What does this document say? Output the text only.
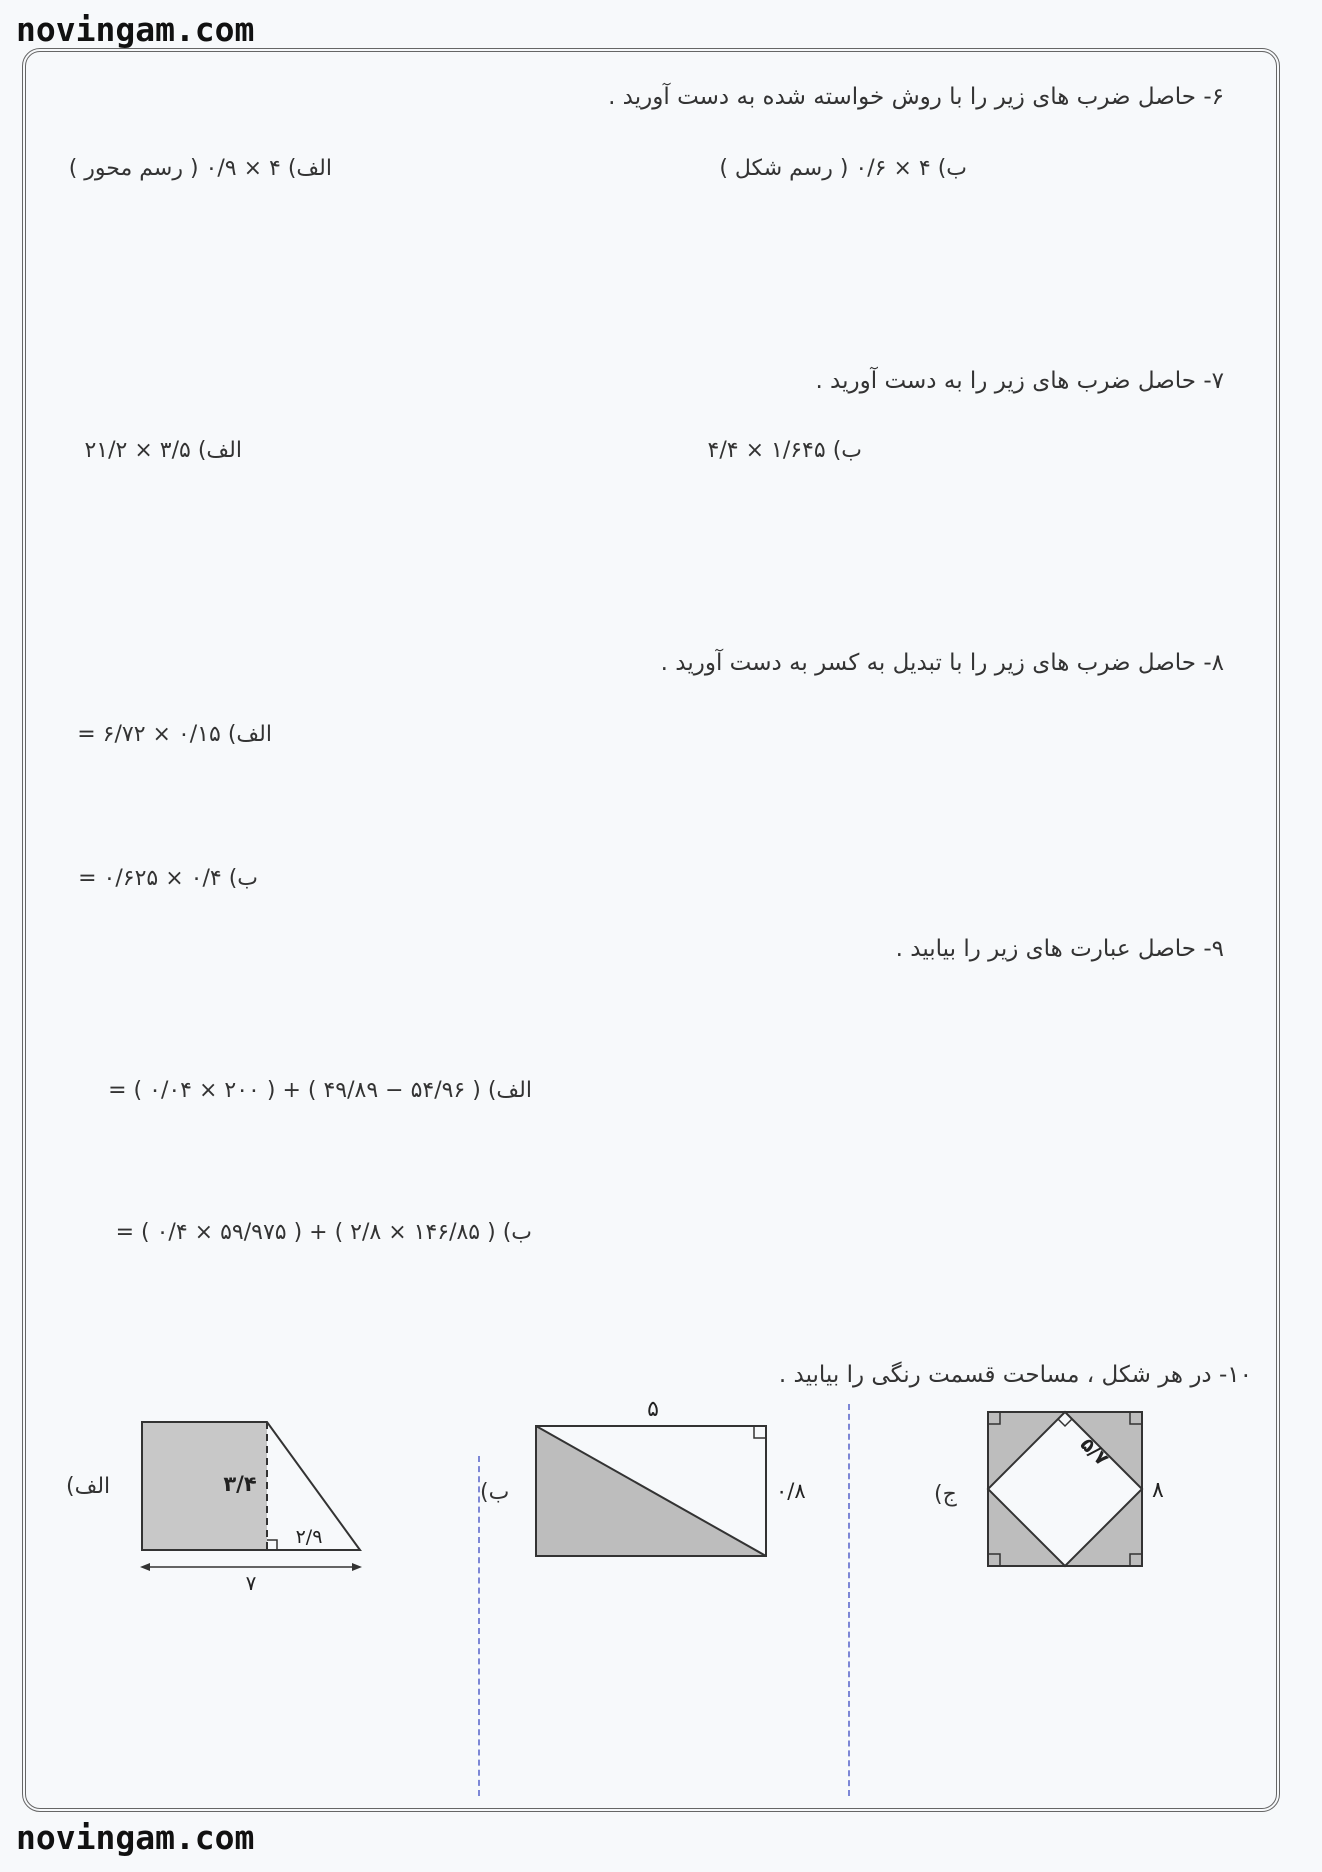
novingam.com
novingam.com
۶- حاصل ضرب های زیر را با روش خواسته شده به دست آورید .
الف) ۴ × ۰/۹ ( رسم محور )	ب) ۴ × ۰/۶ ( رسم شکل )
۷- حاصل ضرب های زیر را به دست آورید .
الف) ۳/۵ × ۲۱/۲	ب) ۱/۶۴۵ × ۴/۴
۸- حاصل ضرب های زیر را با تبدیل به کسر به دست آورید .
الف) ۰/۱۵ × ۶/۷۲ =
ب) ۰/۴ × ۰/۶۲۵ =
۹- حاصل عبارت های زیر را بیابید .
الف) ( ۵۴/۹۶ − ۴۹/۸۹ ) + ( ۲۰۰ × ۰/۰۴ ) =
ب) ( ۱۴۶/۸۵ × ۲/۸ ) + ( ۵۹/۹۷۵ × ۰/۴ ) =
۱۰- در هر شکل ، مساحت قسمت رنگی را بیابید .
الف)	۳/۴
۲/۹
۷
ب)
۵
۰/۸	ج)
۵/۷
۸
